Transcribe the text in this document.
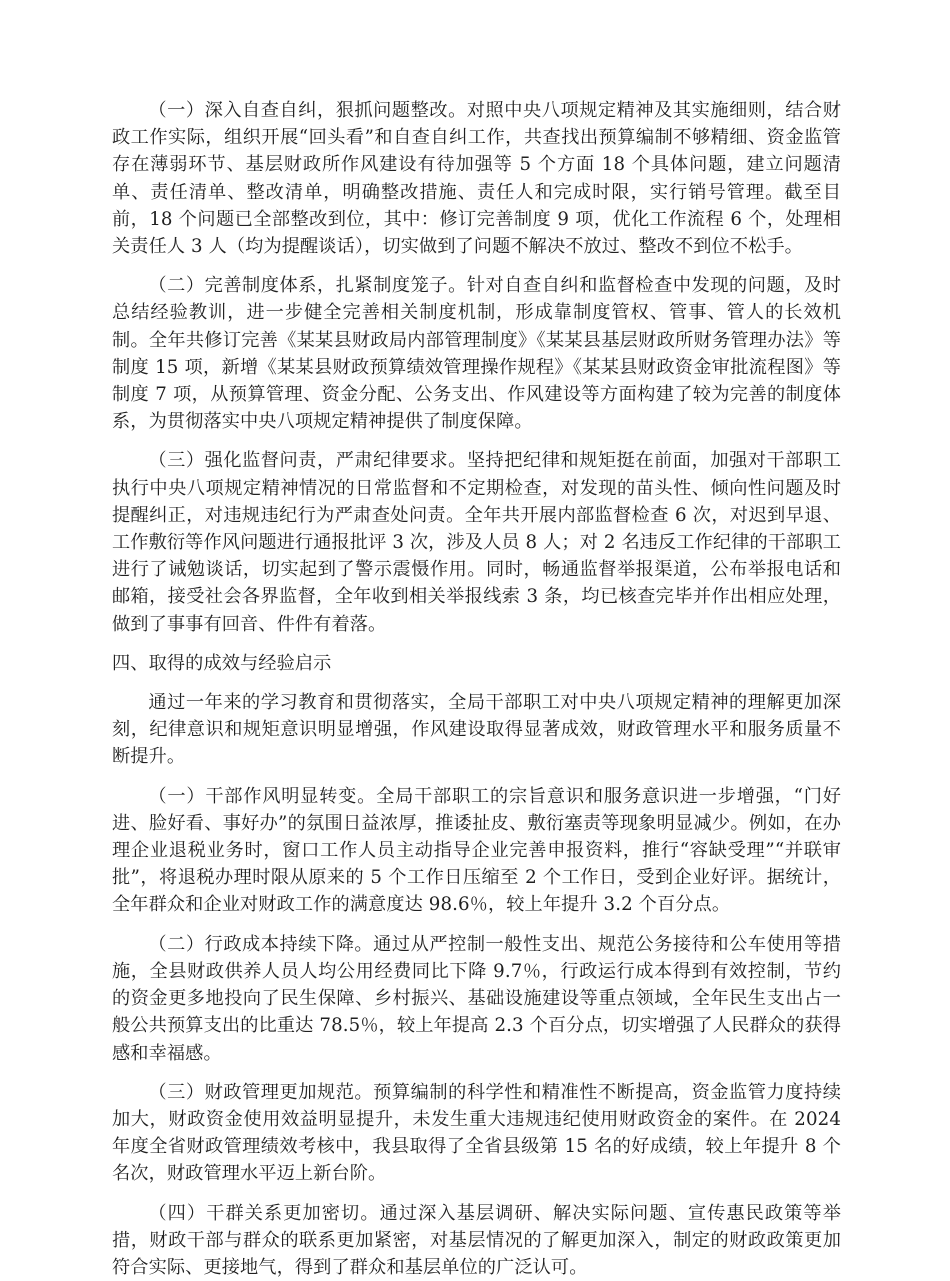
（一）深入自查自纠，狠抓问题整改。对照中央八项规定精神及其实施细则，结合财政工作实际，组织开展“回头看”和自查自纠工作，共查找出预算编制不够精细、资金监管存在薄弱环节、基层财政所作风建设有待加强等 5 个方面 18 个具体问题，建立问题清单、责任清单、整改清单，明确整改措施、责任人和完成时限，实行销号管理。截至目前，18 个问题已全部整改到位，其中：修订完善制度 9 项，优化工作流程 6 个，处理相关责任人 3 人（均为提醒谈话），切实做到了问题不解决不放过、整改不到位不松手。

（二）完善制度体系，扎紧制度笼子。针对自查自纠和监督检查中发现的问题，及时总结经验教训，进一步健全完善相关制度机制，形成靠制度管权、管事、管人的长效机制。全年共修订完善《某某县财政局内部管理制度》《某某县基层财政所财务管理办法》等制度 15 项，新增《某某县财政预算绩效管理操作规程》《某某县财政资金审批流程图》等制度 7 项，从预算管理、资金分配、公务支出、作风建设等方面构建了较为完善的制度体系，为贯彻落实中央八项规定精神提供了制度保障。

（三）强化监督问责，严肃纪律要求。坚持把纪律和规矩挺在前面，加强对干部职工执行中央八项规定精神情况的日常监督和不定期检查，对发现的苗头性、倾向性问题及时提醒纠正，对违规违纪行为严肃查处问责。全年共开展内部监督检查 6 次，对迟到早退、工作敷衍等作风问题进行通报批评 3 次，涉及人员 8 人；对 2 名违反工作纪律的干部职工进行了诫勉谈话，切实起到了警示震慑作用。同时，畅通监督举报渠道，公布举报电话和邮箱，接受社会各界监督，全年收到相关举报线索 3 条，均已核查完毕并作出相应处理，做到了事事有回音、件件有着落。

四、取得的成效与经验启示

通过一年来的学习教育和贯彻落实，全局干部职工对中央八项规定精神的理解更加深刻，纪律意识和规矩意识明显增强，作风建设取得显著成效，财政管理水平和服务质量不断提升。

（一）干部作风明显转变。全局干部职工的宗旨意识和服务意识进一步增强，“门好进、脸好看、事好办”的氛围日益浓厚，推诿扯皮、敷衍塞责等现象明显减少。例如，在办理企业退税业务时，窗口工作人员主动指导企业完善申报资料，推行“容缺受理”“并联审批”，将退税办理时限从原来的 5 个工作日压缩至 2 个工作日，受到企业好评。据统计，全年群众和企业对财政工作的满意度达 98.6％，较上年提升 3.2 个百分点。

（二）行政成本持续下降。通过从严控制一般性支出、规范公务接待和公车使用等措施，全县财政供养人员人均公用经费同比下降 9.7％，行政运行成本得到有效控制，节约的资金更多地投向了民生保障、乡村振兴、基础设施建设等重点领域，全年民生支出占一般公共预算支出的比重达 78.5％，较上年提高 2.3 个百分点，切实增强了人民群众的获得感和幸福感。

（三）财政管理更加规范。预算编制的科学性和精准性不断提高，资金监管力度持续加大，财政资金使用效益明显提升，未发生重大违规违纪使用财政资金的案件。在 2024 年度全省财政管理绩效考核中，我县取得了全省县级第 15 名的好成绩，较上年提升 8 个名次，财政管理水平迈上新台阶。

（四）干群关系更加密切。通过深入基层调研、解决实际问题、宣传惠民政策等举措，财政干部与群众的联系更加紧密，对基层情况的了解更加深入，制定的财政政策更加符合实际、更接地气，得到了群众和基层单位的广泛认可。
